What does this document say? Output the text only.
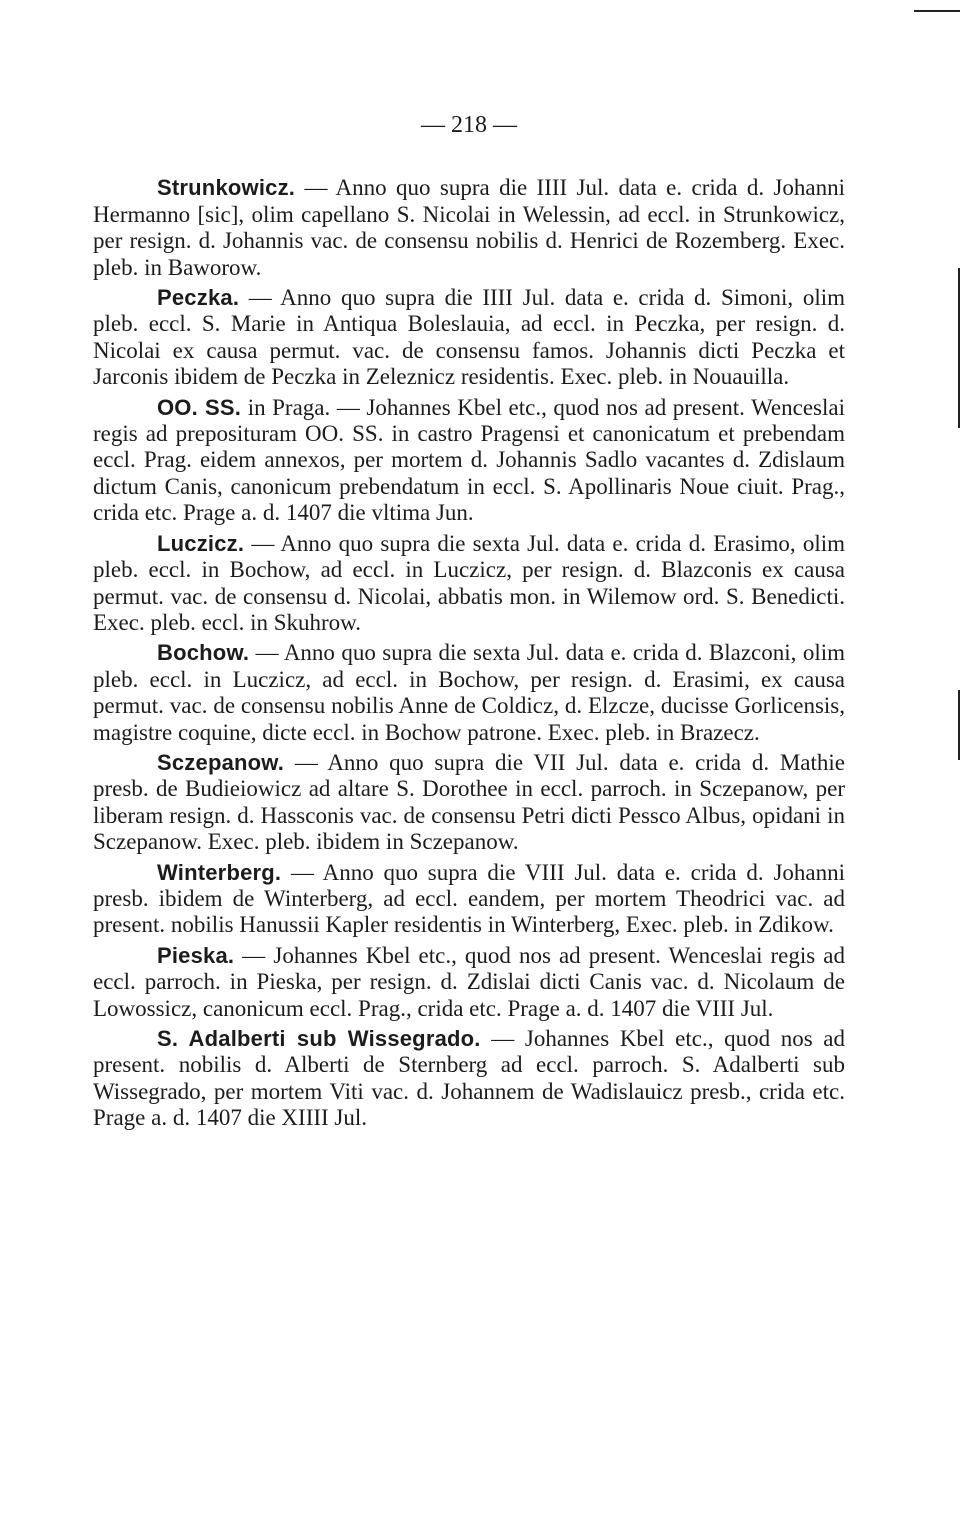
— 218 —

Strunkowicz. — Anno quo supra die IIII Jul. data e. crida d. Johanni Hermanno [sic], olim capellano S. Nicolai in Welessin, ad eccl. in Strunkowicz, per resign. d. Johannis vac. de consensu nobilis d. Henrici de Rozemberg. Exec. pleb. in Baworow.

Peczka. — Anno quo supra die IIII Jul. data e. crida d. Simoni, olim pleb. eccl. S. Marie in Antiqua Boleslauia, ad eccl. in Peczka, per resign. d. Nicolai ex causa permut. vac. de consensu famos. Johannis dicti Peczka et Jarconis ibidem de Peczka in Zeleznicz residentis. Exec. pleb. in Nouauilla.

OO. SS. in Praga. — Johannes Kbel etc., quod nos ad present. Wenceslai regis ad preposituram OO. SS. in castro Pragensi et canonicatum et prebendam eccl. Prag. eidem annexos, per mortem d. Johannis Sadlo vacantes d. Zdislaum dictum Canis, canonicum prebendatum in eccl. S. Apollinaris Noue ciuit. Prag., crida etc. Prage a. d. 1407 die vltima Jun.

Luczicz. — Anno quo supra die sexta Jul. data e. crida d. Erasimo, olim pleb. eccl. in Bochow, ad eccl. in Luczicz, per resign. d. Blazconis ex causa permut. vac. de consensu d. Nicolai, abbatis mon. in Wilemow ord. S. Benedicti. Exec. pleb. eccl. in Skuhrow.

Bochow. — Anno quo supra die sexta Jul. data e. crida d. Blazconi, olim pleb. eccl. in Luczicz, ad eccl. in Bochow, per resign. d. Erasimi, ex causa permut. vac. de consensu nobilis Anne de Coldicz, d. Elzcze, ducisse Gorlicensis, magistre coquine, dicte eccl. in Bochow patrone. Exec. pleb. in Brazecz.

Sczepanow. — Anno quo supra die VII Jul. data e. crida d. Mathie presb. de Budieiowicz ad altare S. Dorothee in eccl. parroch. in Sczepanow, per liberam resign. d. Hassconis vac. de consensu Petri dicti Pessco Albus, opidani in Sczepanow. Exec. pleb. ibidem in Sczepanow.

Winterberg. — Anno quo supra die VIII Jul. data e. crida d. Johanni presb. ibidem de Winterberg, ad eccl. eandem, per mortem Theodrici vac. ad present. nobilis Hanussii Kapler residentis in Winterberg, Exec. pleb. in Zdikow.

Pieska. — Johannes Kbel etc., quod nos ad present. Wenceslai regis ad eccl. parroch. in Pieska, per resign. d. Zdislai dicti Canis vac. d. Nicolaum de Lowossicz, canonicum eccl. Prag., crida etc. Prage a. d. 1407 die VIII Jul.

S. Adalberti sub Wissegrado. — Johannes Kbel etc., quod nos ad present. nobilis d. Alberti de Sternberg ad eccl. parroch. S. Adalberti sub Wissegrado, per mortem Viti vac. d. Johannem de Wadislauicz presb., crida etc. Prage a. d. 1407 die XIIII Jul.
